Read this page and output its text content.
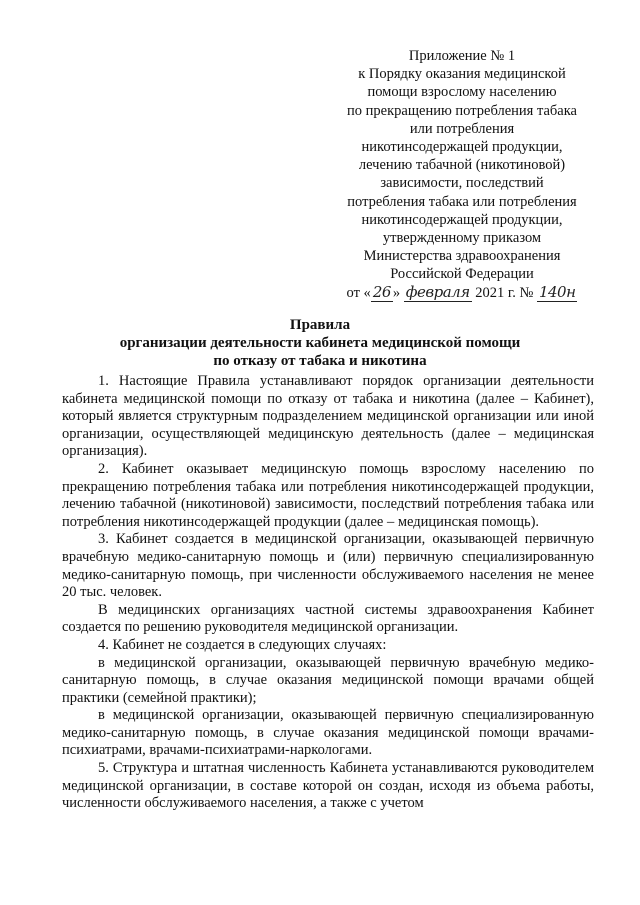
Приложение № 1
к Порядку оказания медицинской
помощи взрослому населению
по прекращению потребления табака
или потребления
никотинсодержащей продукции,
лечению табачной (никотиновой)
зависимости, последствий
потребления табака или потребления
никотинсодержащей продукции,
утвержденному приказом
Министерства здравоохранения
Российской Федерации
от « 26 » февраля 2021 г. № 140н
Правила
организации деятельности кабинета медицинской помощи
по отказу от табака и никотина

1. Настоящие Правила устанавливают порядок организации деятельности кабинета медицинской помощи по отказу от табака и никотина (далее – Кабинет), который является структурным подразделением медицинской организации или иной организации, осуществляющей медицинскую деятельность (далее – медицинская организация).

2. Кабинет оказывает медицинскую помощь взрослому населению по прекращению потребления табака или потребления никотинсодержащей продукции, лечению табачной (никотиновой) зависимости, последствий потребления табака или потребления никотинсодержащей продукции (далее – медицинская помощь).

3. Кабинет создается в медицинской организации, оказывающей первичную врачебную медико-санитарную помощь и (или) первичную специализированную медико-санитарную помощь, при численности обслуживаемого населения не менее 20 тыс. человек.

В медицинских организациях частной системы здравоохранения Кабинет создается по решению руководителя медицинской организации.

4. Кабинет не создается в следующих случаях:

в медицинской организации, оказывающей первичную врачебную медико-санитарную помощь, в случае оказания медицинской помощи врачами общей практики (семейной практики);

в медицинской организации, оказывающей первичную специализированную медико-санитарную помощь, в случае оказания медицинской помощи врачами-психиатрами, врачами-психиатрами-наркологами.

5. Структура и штатная численность Кабинета устанавливаются руководителем медицинской организации, в составе которой он создан, исходя из объема работы, численности обслуживаемого населения, а также с учетом
